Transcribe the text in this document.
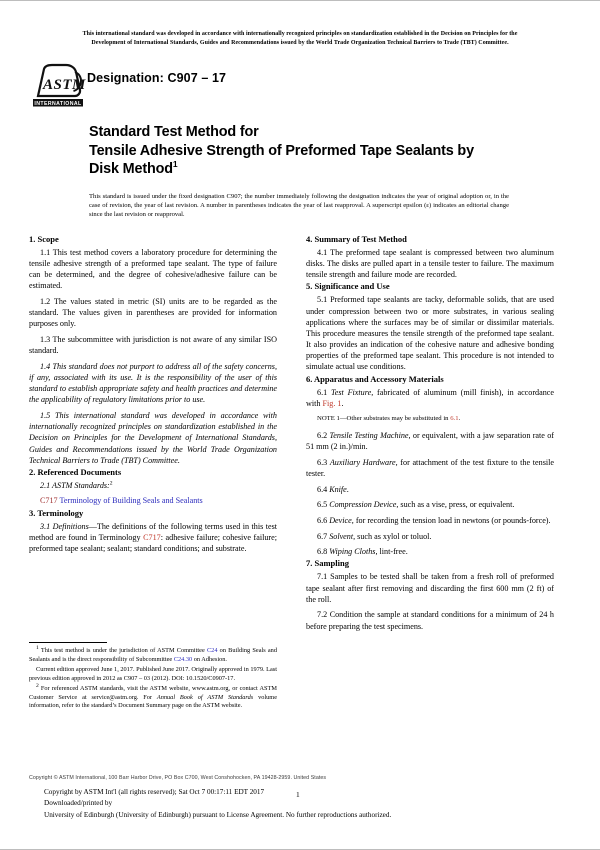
This international standard was developed in accordance with internationally recognized principles on standardization established in the Decision on Principles for the
Development of International Standards, Guides and Recommendations issued by the World Trade Organization Technical Barriers to Trade (TBT) Committee.
ASTM
INTERNATIONAL
Designation: C907 – 17
Standard Test Method for
Tensile Adhesive Strength of Preformed Tape Sealants by
Disk Method$^1$
This standard is issued under the fixed designation C907; the number immediately following the designation indicates the year of original adoption or, in the case of revision, the year of last revision. A number in parentheses indicates the year of last reapproval. A superscript epsilon (ε) indicates an editorial change since the last revision or reapproval.
1. Scope

1.1 This test method covers a laboratory procedure for determining the tensile adhesive strength of a preformed tape sealant. The type of failure can be determined, and the degree of cohesive/adhesive failure can be estimated.

1.2 The values stated in metric (SI) units are to be regarded as the standard. The values given in parentheses are provided for information purposes only.

1.3 The subcommittee with jurisdiction is not aware of any similar ISO standard.

1.4 This standard does not purport to address all of the safety concerns, if any, associated with its use. It is the responsibility of the user of this standard to establish appropriate safety and health practices and determine the applicability of regulatory limitations prior to use.

1.5 This international standard was developed in accordance with internationally recognized principles on standardization established in the Decision on Principles for the Development of International Standards, Guides and Recommendations issued by the World Trade Organization Technical Barriers to Trade (TBT) Committee.

2. Referenced Documents

2.1 ASTM Standards:$^2$

C717 Terminology of Building Seals and Sealants

3. Terminology

3.1 Definitions—The definitions of the following terms used in this test method are found in Terminology C717: adhesive failure; cohesive failure; preformed tape sealant; sealant; standard conditions; and substrate.

4. Summary of Test Method

4.1 The preformed tape sealant is compressed between two aluminum disks. The disks are pulled apart in a tensile tester to failure. The maximum tensile strength and failure mode are recorded.

5. Significance and Use

5.1 Preformed tape sealants are tacky, deformable solids, that are used under compression between two or more substrates, in various sealing applications where the surfaces may be of similar or dissimilar materials. This procedure measures the tensile strength of the preformed tape sealant. It also provides an indication of the cohesive nature and adhesive bonding properties of the preformed tape sealant. This procedure is not intended to simulate actual use conditions.

6. Apparatus and Accessory Materials

6.1 Test Fixture, fabricated of aluminum (mill finish), in accordance with Fig. 1.

NOTE 1—Other substrates may be substituted in 6.1.

6.2 Tensile Testing Machine, or equivalent, with a jaw separation rate of 51 mm (2 in.)/min.

6.3 Auxiliary Hardware, for attachment of the test fixture to the tensile tester.

6.4 Knife.

6.5 Compression Device, such as a vise, press, or equivalent.

6.6 Device, for recording the tension load in newtons (or pounds-force).

6.7 Solvent, such as xylol or toluol.

6.8 Wiping Cloths, lint-free.

7. Sampling

7.1 Samples to be tested shall be taken from a fresh roll of preformed tape sealant after first removing and discarding the first 600 mm (2 ft) of the roll.

7.2 Condition the sample at standard conditions for a minimum of 24 h before preparing the test specimens.

$^1$ This test method is under the jurisdiction of ASTM Committee C24 on Building Seals and Sealants and is the direct responsibility of Subcommittee C24.30 on Adhesion.

Current edition approved June 1, 2017. Published June 2017. Originally approved in 1979. Last previous edition approved in 2012 as C907 – 03 (2012). DOI: 10.1520/C0907-17.

$^2$ For referenced ASTM standards, visit the ASTM website, www.astm.org, or contact ASTM Customer Service at service@astm.org. For Annual Book of ASTM Standards volume information, refer to the standard’s Document Summary page on the ASTM website.

Copyright © ASTM International, 100 Barr Harbor Drive, PO Box C700, West Conshohocken, PA 19428-2959. United States
Copyright by ASTM Int'l (all rights reserved); Sat Oct 7 00:17:11 EDT 2017
Downloaded/printed by
University of Edinburgh (University of Edinburgh) pursuant to License Agreement. No further reproductions authorized.
1
